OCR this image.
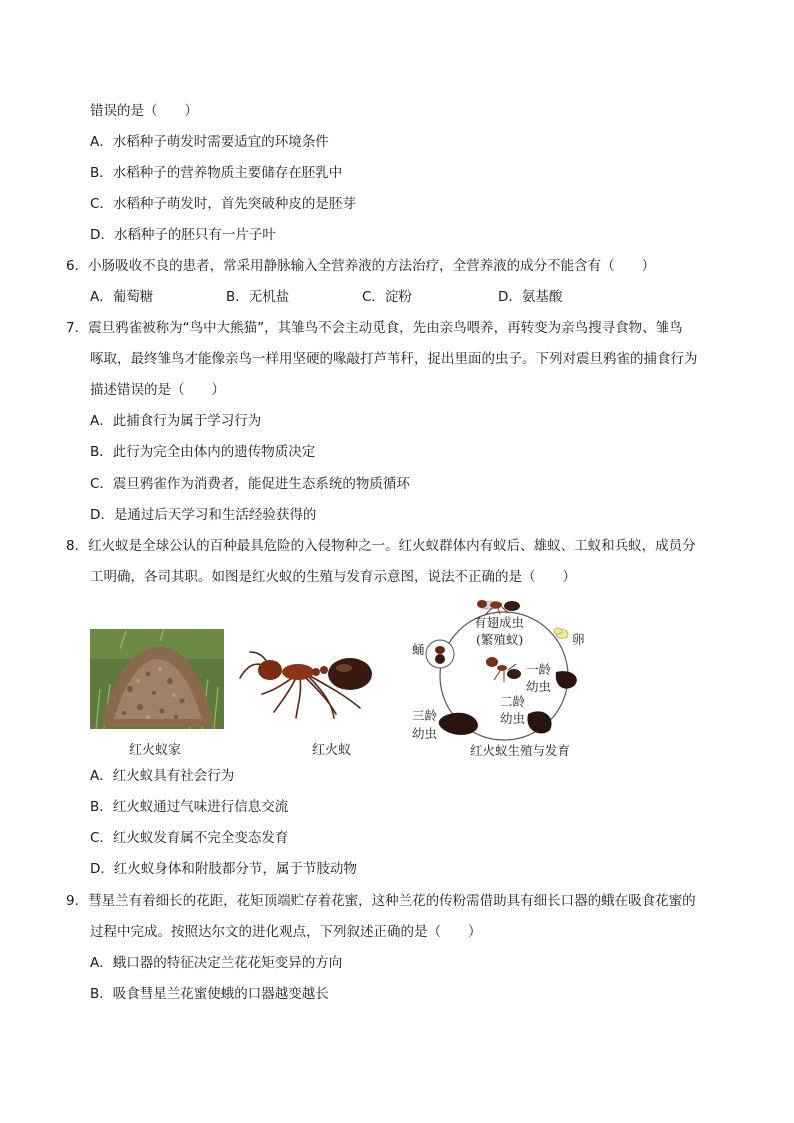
错误的是（　　）
A．水稻种子萌发时需要适宜的环境条件
B．水稻种子的营养物质主要储存在胚乳中
C．水稻种子萌发时，首先突破种皮的是胚芽
D．水稻种子的胚只有一片子叶
6．小肠吸收不良的患者，常采用静脉输入全营养液的方法治疗，全营养液的成分不能含有（　　）
A．葡萄糖	B．无机盐	C．淀粉	D．氨基酸
7．震旦鸦雀被称为“鸟中大熊猫”，其雏鸟不会主动觅食，先由亲鸟喂养，再转变为亲鸟搜寻食物、雏鸟
啄取，最终雏鸟才能像亲鸟一样用坚硬的喙敲打芦苇秆，捉出里面的虫子。下列对震旦鸦雀的捕食行为
描述错误的是（　　）
A．此捕食行为属于学习行为
B．此行为完全由体内的遗传物质决定
C．震旦鸦雀作为消费者，能促进生态系统的物质循环
D．是通过后天学习和生活经验获得的
8．红火蚁是全球公认的百种最具危险的入侵物种之一。红火蚁群体内有蚁后、雄蚁、工蚁和兵蚁，成员分
工明确，各司其职。如图是红火蚁的生殖与发育示意图，说法不正确的是（　　）
红火蚁家	红火蚁
有翅成虫
(繁殖蚁)	卵
蛹
一龄
幼虫
二龄
幼虫
三龄
幼虫
红火蚁生殖与发育
A．红火蚁具有社会行为
B．红火蚁通过气味进行信息交流
C．红火蚁发育属不完全变态发育
D．红火蚁身体和附肢都分节，属于节肢动物
9．彗星兰有着细长的花距，花矩顶端贮存着花蜜，这种兰花的传粉需借助具有细长口器的蛾在吸食花蜜的
过程中完成。按照达尔文的进化观点，下列叙述正确的是（　　）
A．蛾口器的特征决定兰花花矩变异的方向
B．吸食彗星兰花蜜使蛾的口器越变越长
